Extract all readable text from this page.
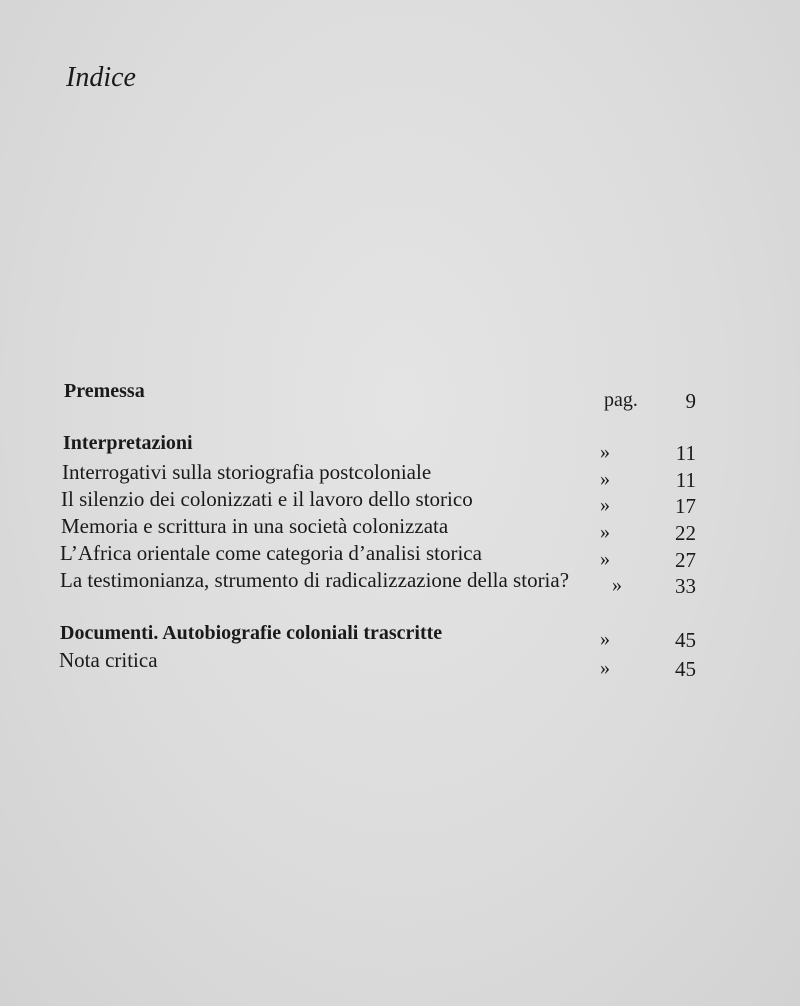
Indice
Premessa	pag. 9
Interpretazioni	»	11
Interrogativi sulla storiografia postcoloniale	»	11
Il silenzio dei colonizzati e il lavoro dello storico	»	17
Memoria e scrittura in una società colonizzata	»	22
L’Africa orientale come categoria d’analisi storica	»	27
La testimonianza, strumento di radicalizzazione della storia? »	33
Documenti. Autobiografie coloniali trascritte	»	45
Nota critica	»	45
